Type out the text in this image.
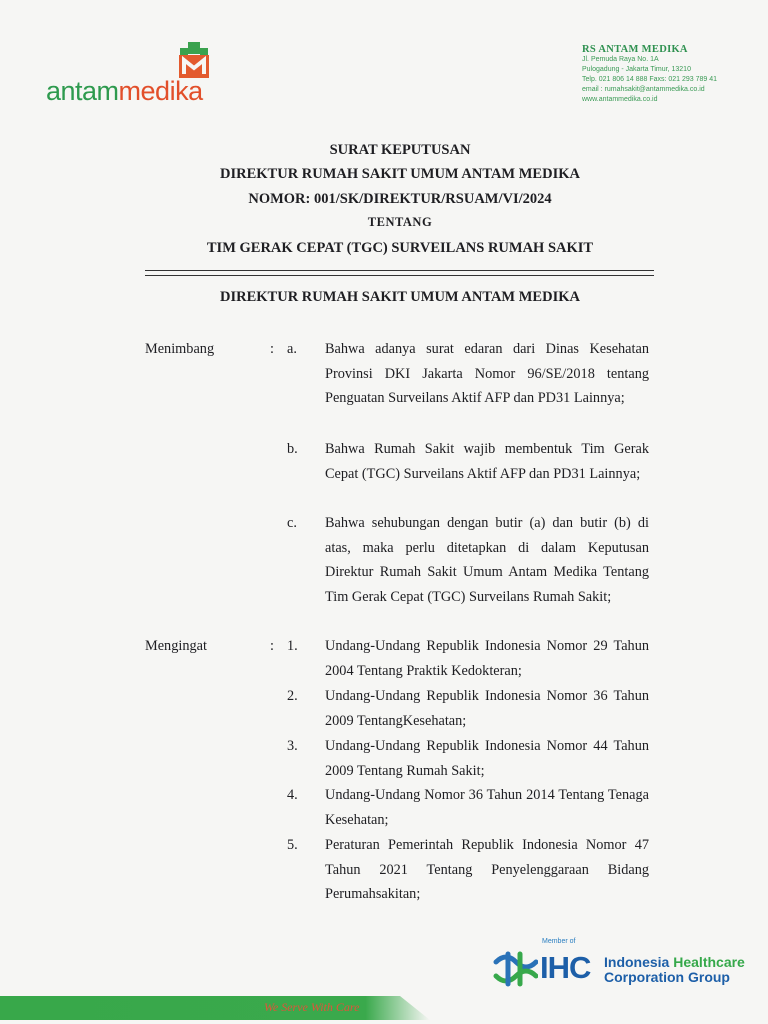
antammedika
RS ANTAM MEDIKA
Jl. Pemuda Raya No. 1A
Pulogadung - Jakarta Timur, 13210
Telp. 021 806 14 888 Faxs: 021 293 789 41
email : rumahsakit@antammedika.co.id
www.antammedika.co.id
SURAT KEPUTUSAN
DIREKTUR RUMAH SAKIT UMUM ANTAM MEDIKA
NOMOR: 001/SK/DIREKTUR/RSUAM/VI/2024
TENTANG
TIM GERAK CEPAT (TGC) SURVEILANS RUMAH SAKIT
DIREKTUR RUMAH SAKIT UMUM ANTAM MEDIKA
Menimbang	: a. Bahwa adanya surat edaran dari Dinas Kesehatan Provinsi DKI Jakarta Nomor 96/SE/2018 tentang Penguatan Surveilans Aktif AFP dan PD31 Lainnya;
b. Bahwa Rumah Sakit wajib membentuk Tim Gerak Cepat (TGC) Surveilans Aktif AFP dan PD31 Lainnya;
c. Bahwa sehubungan dengan butir (a) dan butir (b) di atas, maka perlu ditetapkan di dalam Keputusan Direktur Rumah Sakit Umum Antam Medika Tentang Tim Gerak Cepat (TGC) Surveilans Rumah Sakit;
Mengingat	: 1. Undang-Undang Republik Indonesia Nomor 29 Tahun 2004 Tentang Praktik Kedokteran;
2. Undang-Undang Republik Indonesia Nomor 36 Tahun 2009 TentangKesehatan;
3. Undang-Undang Republik Indonesia Nomor 44 Tahun 2009 Tentang Rumah Sakit;
4. Undang-Undang Nomor 36 Tahun 2014 Tentang Tenaga Kesehatan;
5. Peraturan Pemerintah Republik Indonesia Nomor 47 Tahun 2021 Tentang Penyelenggaraan Bidang Perumahsakitan;
Member of
IHC Indonesia Healthcare
Corporation Group
We Serve With Care
